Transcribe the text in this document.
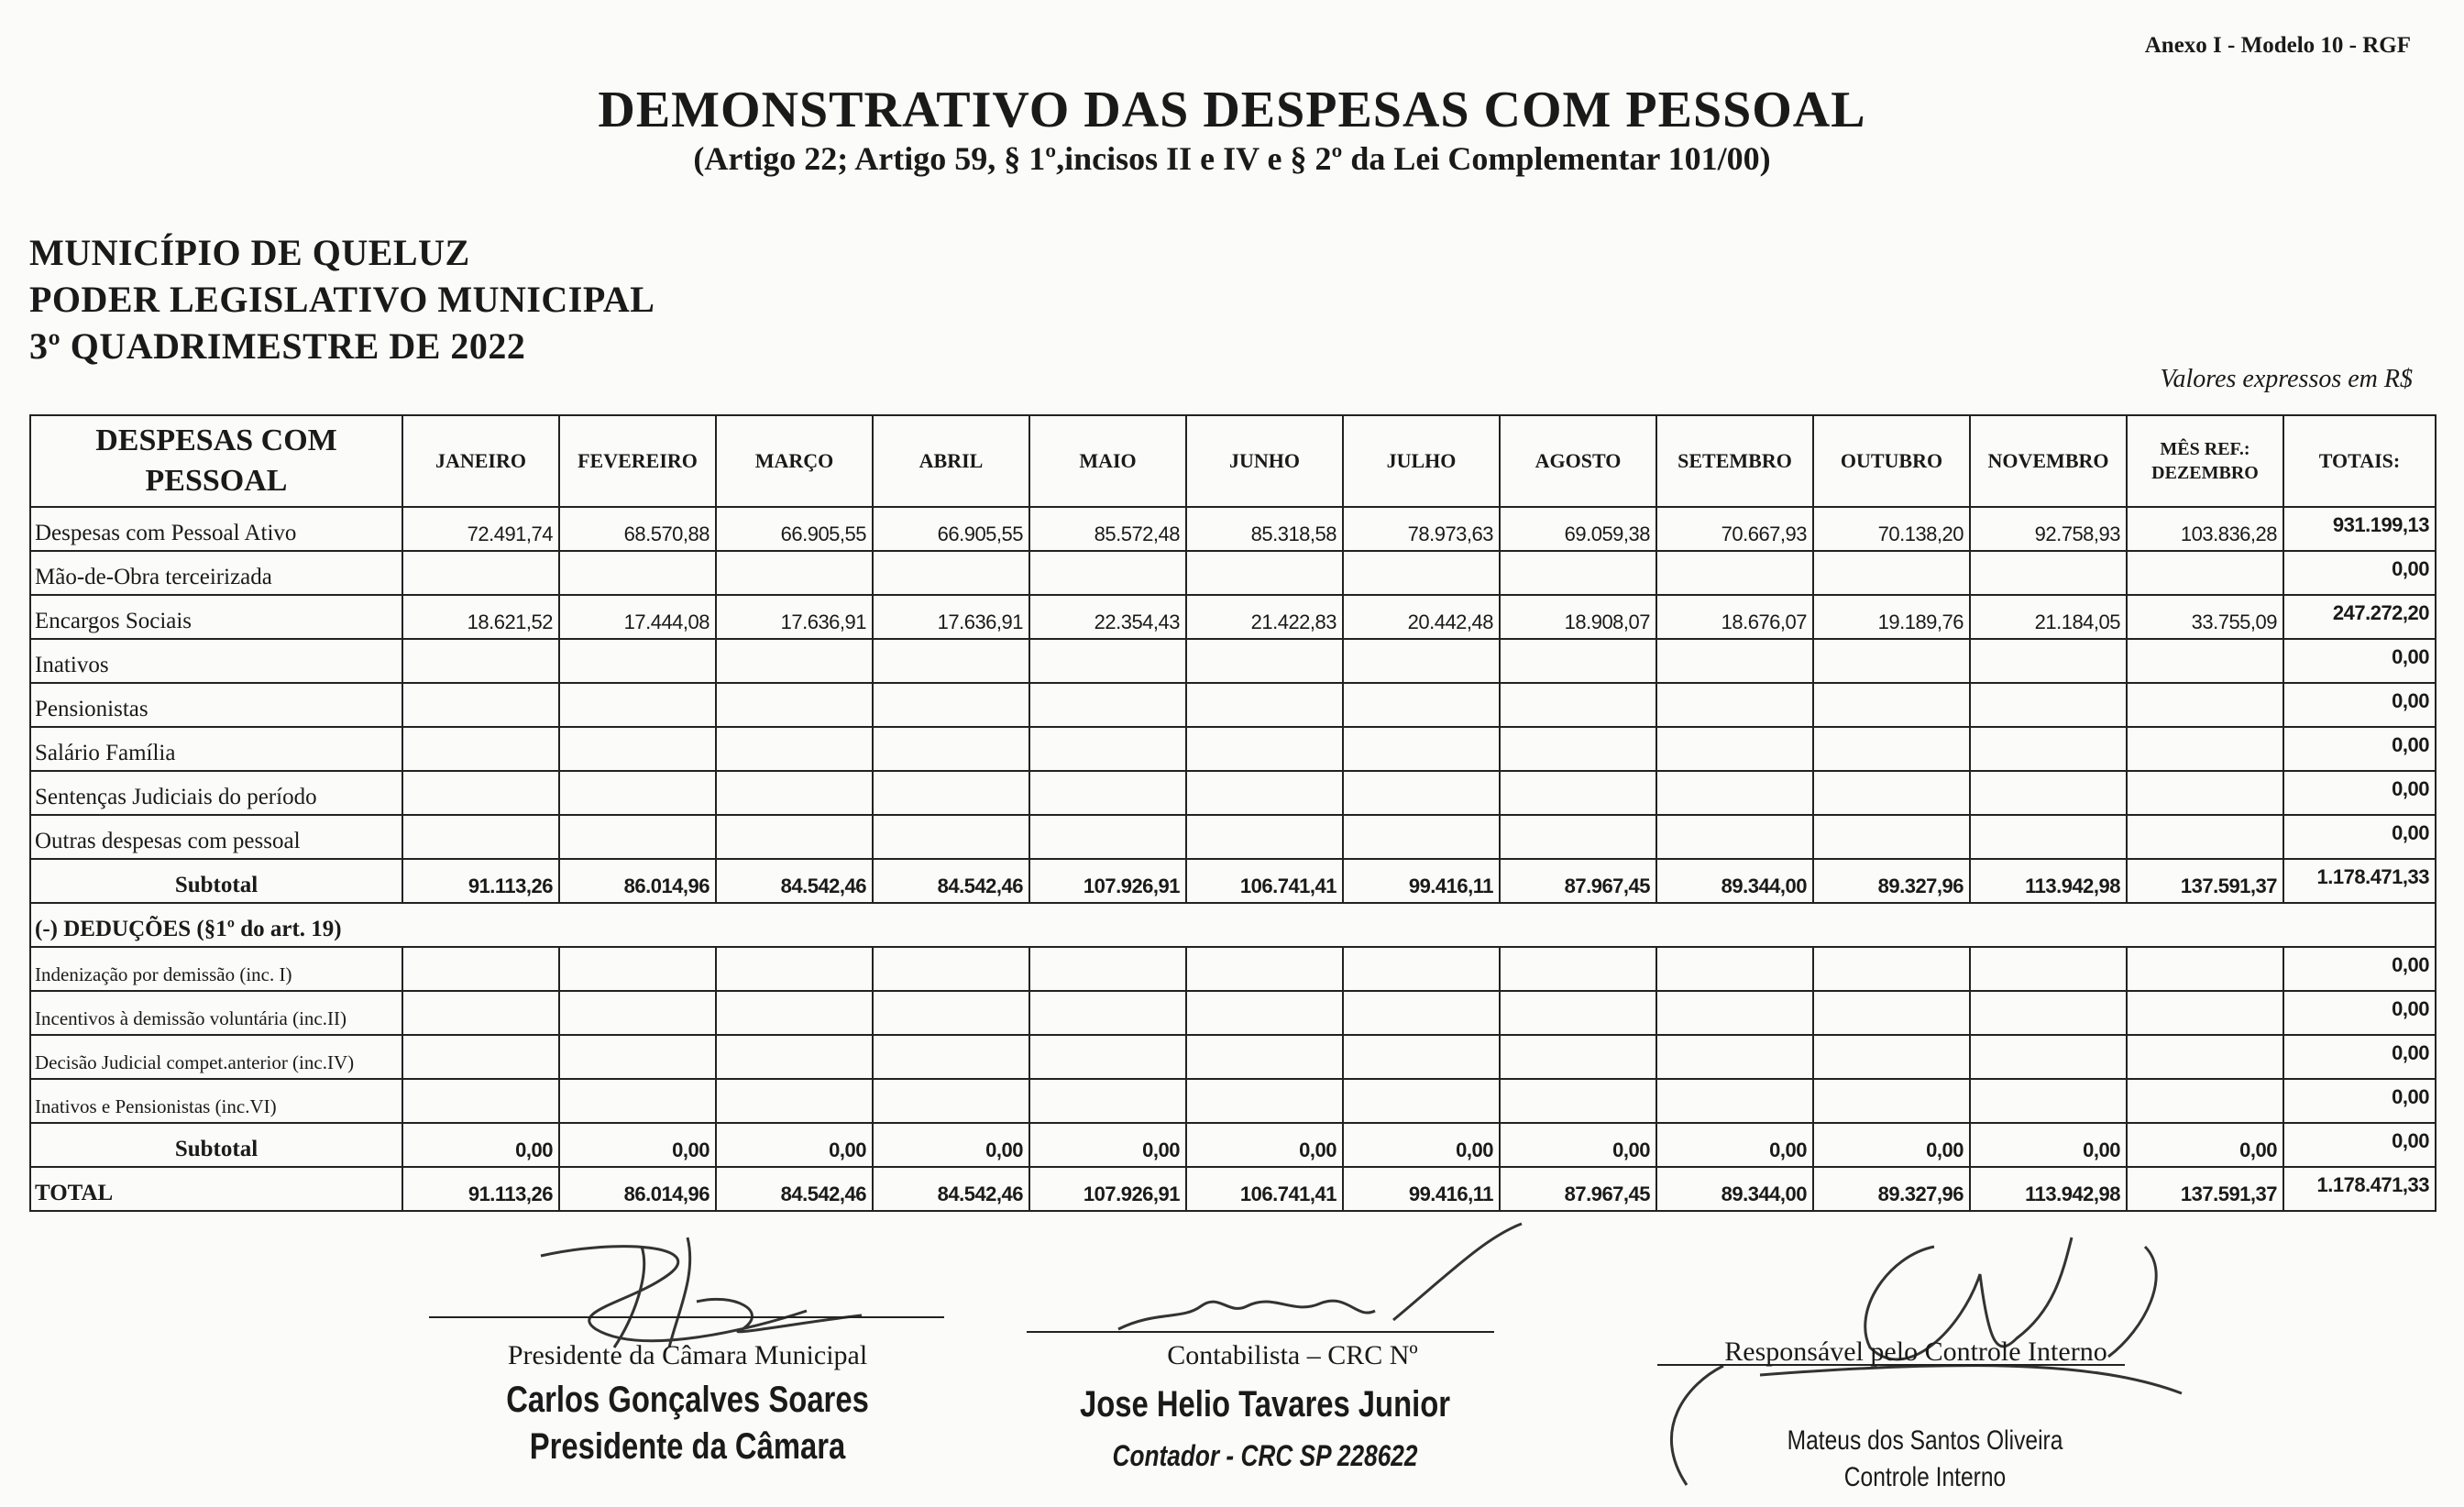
Anexo I - Modelo 10 - RGF
DEMONSTRATIVO DAS DESPESAS COM PESSOAL
(Artigo 22; Artigo 59, § 1º,incisos II e IV e § 2º da Lei Complementar 101/00)
MUNICÍPIO DE QUELUZ
PODER LEGISLATIVO MUNICIPAL
3º QUADRIMESTRE DE 2022
Valores expressos em R$
DESPESAS COM PESSOAL	JANEIRO	FEVEREIRO	MARÇO	ABRIL	MAIO	JUNHO	JULHO	AGOSTO	SETEMBRO	OUTUBRO	NOVEMBRO	MÊS REF.: DEZEMBRO	TOTAIS:
Despesas com Pessoal Ativo	72.491,74	68.570,88	66.905,55	66.905,55	85.572,48	85.318,58	78.973,63	69.059,38	70.667,93	70.138,20	92.758,93	103.836,28	931.199,13
Mão-de-Obra terceirizada													0,00
Encargos Sociais	18.621,52	17.444,08	17.636,91	17.636,91	22.354,43	21.422,83	20.442,48	18.908,07	18.676,07	19.189,76	21.184,05	33.755,09	247.272,20
Inativos													0,00
Pensionistas													0,00
Salário Família													0,00
Sentenças Judiciais do período													0,00
Outras despesas com pessoal													0,00
Subtotal	91.113,26	86.014,96	84.542,46	84.542,46	107.926,91	106.741,41	99.416,11	87.967,45	89.344,00	89.327,96	113.942,98	137.591,37	1.178.471,33
(-) DEDUÇÕES (§1º do art. 19)													
Indenização por demissão (inc. I)													0,00
Incentivos à demissão voluntária (inc.II)													0,00
Decisão Judicial compet.anterior (inc.IV)													0,00
Inativos e Pensionistas (inc.VI)													0,00
Subtotal	0,00	0,00	0,00	0,00	0,00	0,00	0,00	0,00	0,00	0,00	0,00	0,00	0,00
TOTAL	91.113,26	86.014,96	84.542,46	84.542,46	107.926,91	106.741,41	99.416,11	87.967,45	89.344,00	89.327,96	113.942,98	137.591,37	1.178.471,33
Presidente da Câmara Municipal
Carlos Gonçalves Soares
Presidente da Câmara
Contabilista – CRC Nº
Jose Helio Tavares Junior
Contador - CRC SP 228622
Responsável pelo Controle Interno
Mateus dos Santos Oliveira
Controle Interno
